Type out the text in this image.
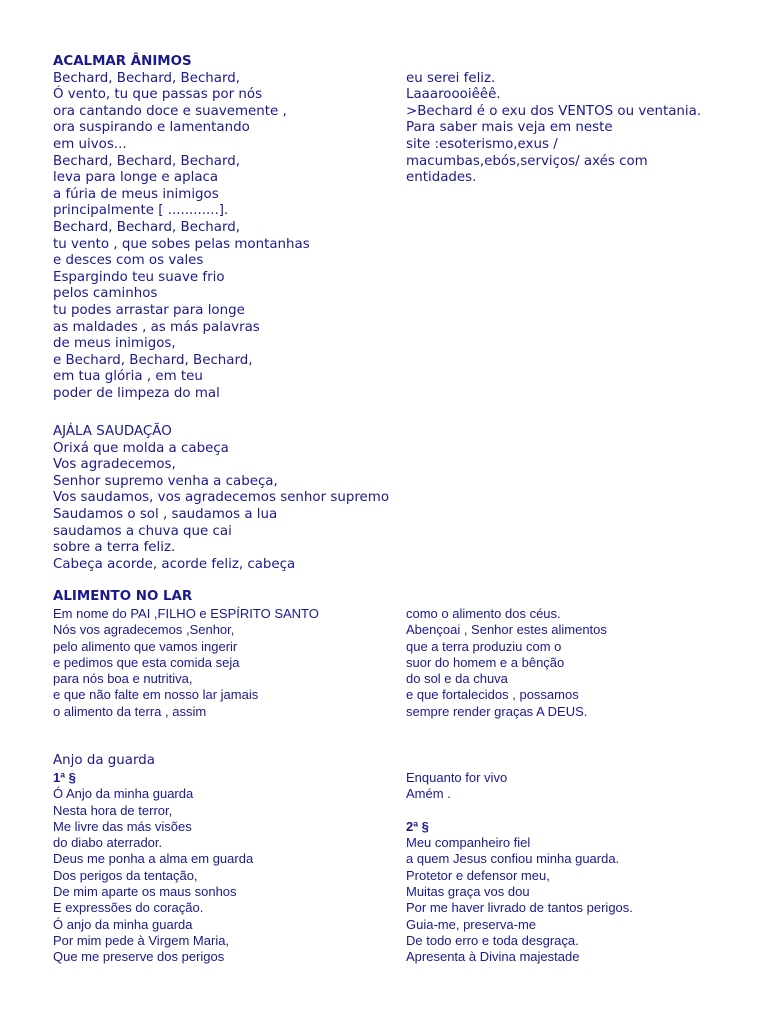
ACALMAR ÂNIMOS
Bechard, Bechard, Bechard,
Ó vento, tu que passas por nós
ora cantando doce e suavemente ,
ora suspirando e lamentando
em uivos...
Bechard, Bechard, Bechard,
leva para longe e aplaca
a fúria de meus inimigos
principalmente [ ............].
Bechard, Bechard, Bechard,
tu vento , que sobes pelas montanhas
e desces com os vales
Espargindo teu suave frio
pelos caminhos
tu podes arrastar para longe
as maldades , as más palavras
de meus inimigos,
e Bechard, Bechard, Bechard,
em tua glória , em teu
poder de limpeza do mal
eu serei feliz.
Laaaroooiêêê.
>Bechard é o exu dos VENTOS ou ventania.
Para saber mais veja em neste
site :esoterismo,exus /
macumbas,ebós,serviços/ axés com
entidades.
AJÁLA SAUDAÇÃO
Orixá que molda a cabeça
Vos agradecemos,
Senhor supremo venha a cabeça,
Vos saudamos, vos agradecemos senhor supremo
Saudamos o sol , saudamos a lua
saudamos a chuva que cai
sobre a terra feliz.
Cabeça acorde, acorde feliz, cabeça
ALIMENTO NO LAR
Em nome do PAI ,FILHO e ESPÍRITO SANTO
Nós vos agradecemos ,Senhor,
pelo alimento que vamos ingerir
e pedimos que esta comida seja
para nós boa e nutritiva,
e que não falte em nosso lar jamais
o alimento da terra , assim
como o alimento dos céus.
Abençoai , Senhor estes alimentos
que a terra produziu com o
suor do homem e a bênção
do sol e da chuva
e que fortalecidos , possamos
sempre render graças A DEUS.
Anjo da guarda
1ª §
Ó Anjo da minha guarda
Nesta hora de terror,
Me livre das más visões
do diabo aterrador.
Deus me ponha a alma em guarda
Dos perigos da tentação,
De mim aparte os maus sonhos
E expressões do coração.
Ó anjo da minha guarda
Por mim pede à Virgem Maria,
Que me preserve dos perigos
Enquanto for vivo
Amém .
2ª §
Meu companheiro fiel
a quem Jesus confiou minha guarda.
Protetor e defensor meu,
Muitas graça vos dou
Por me haver livrado de tantos perigos.
Guia-me, preserva-me
De todo erro e toda desgraça.
Apresenta à Divina majestade
